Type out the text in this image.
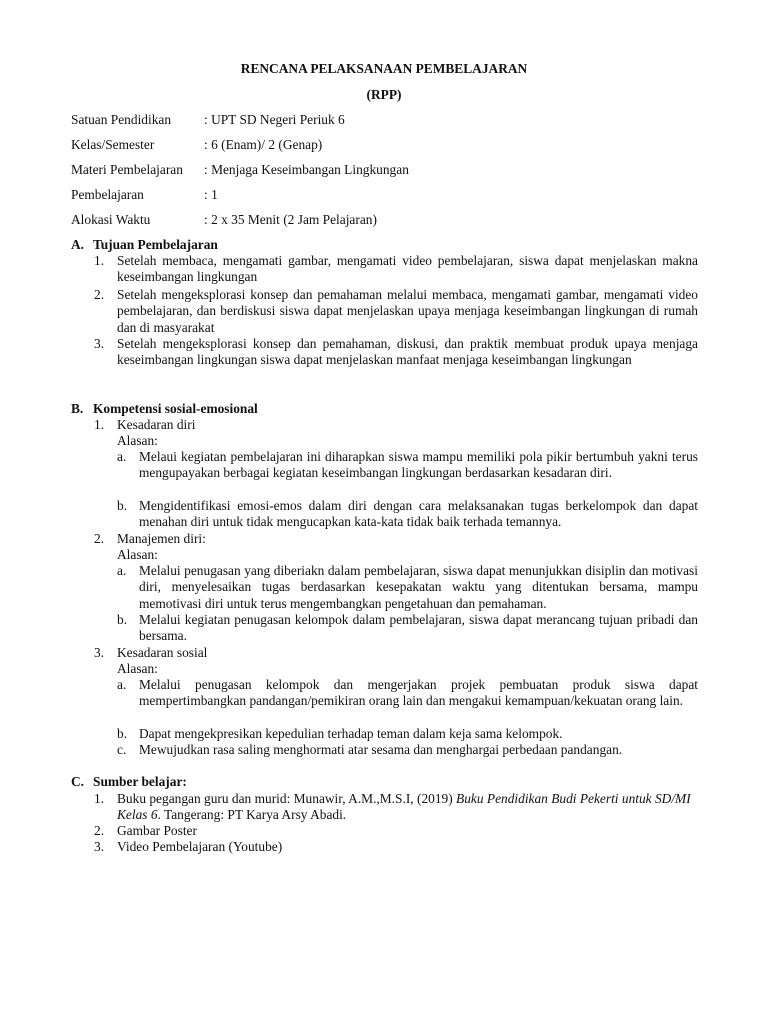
RENCANA PELAKSANAAN PEMBELAJARAN
(RPP)
Satuan Pendidikan : UPT SD Negeri Periuk 6
Kelas/Semester	: 6 (Enam)/ 2 (Genap)
Materi Pembelajaran : Menjaga Keseimbangan Lingkungan
Pembelajaran	: 1
Alokasi Waktu	: 2 x 35 Menit (2 Jam Pelajaran)
A. Tujuan Pembelajaran
1. Setelah membaca, mengamati gambar, mengamati video pembelajaran, siswa dapat menjelaskan makna keseimbangan lingkungan
2. Setelah mengeksplorasi konsep dan pemahaman melalui membaca, mengamati gambar, mengamati video pembelajaran, dan berdiskusi siswa dapat menjelaskan upaya menjaga keseimbangan lingkungan di rumah dan di masyarakat
3. Setelah mengeksplorasi konsep dan pemahaman, diskusi, dan praktik membuat produk upaya menjaga keseimbangan lingkungan siswa dapat menjelaskan manfaat menjaga keseimbangan lingkungan
B. Kompetensi sosial-emosional
1. Kesadaran diri
Alasan:
a. Melaui kegiatan pembelajaran ini diharapkan siswa mampu memiliki pola pikir bertumbuh yakni terus mengupayakan berbagai kegiatan keseimbangan lingkungan berdasarkan kesadaran diri.
b. Mengidentifikasi emosi-emos dalam diri dengan cara melaksanakan tugas berkelompok dan dapat menahan diri untuk tidak mengucapkan kata-kata tidak baik terhada temannya.
2. Manajemen diri:
Alasan:
a. Melalui penugasan yang diberiakn dalam pembelajaran, siswa dapat menunjukkan disiplin dan motivasi diri, menyelesaikan tugas berdasarkan kesepakatan waktu yang ditentukan bersama, mampu memotivasi diri untuk terus mengembangkan pengetahuan dan pemahaman.
b. Melalui kegiatan penugasan kelompok dalam pembelajaran, siswa dapat merancang tujuan pribadi dan bersama.
3. Kesadaran sosial
Alasan:
a. Melalui penugasan kelompok dan mengerjakan projek pembuatan produk siswa dapat mempertimbangkan pandangan/pemikiran orang lain dan mengakui kemampuan/kekuatan orang lain.
b. Dapat mengekpresikan kepedulian terhadap teman dalam keja sama kelompok.
c. Mewujudkan rasa saling menghormati atar sesama dan menghargai perbedaan pandangan.
C. Sumber belajar:
1. Buku pegangan guru dan murid: Munawir, A.M.,M.S.I, (2019) Buku Pendidikan Budi Pekerti untuk SD/MI Kelas 6. Tangerang: PT Karya Arsy Abadi.
2. Gambar Poster
3. Video Pembelajaran (Youtube)
